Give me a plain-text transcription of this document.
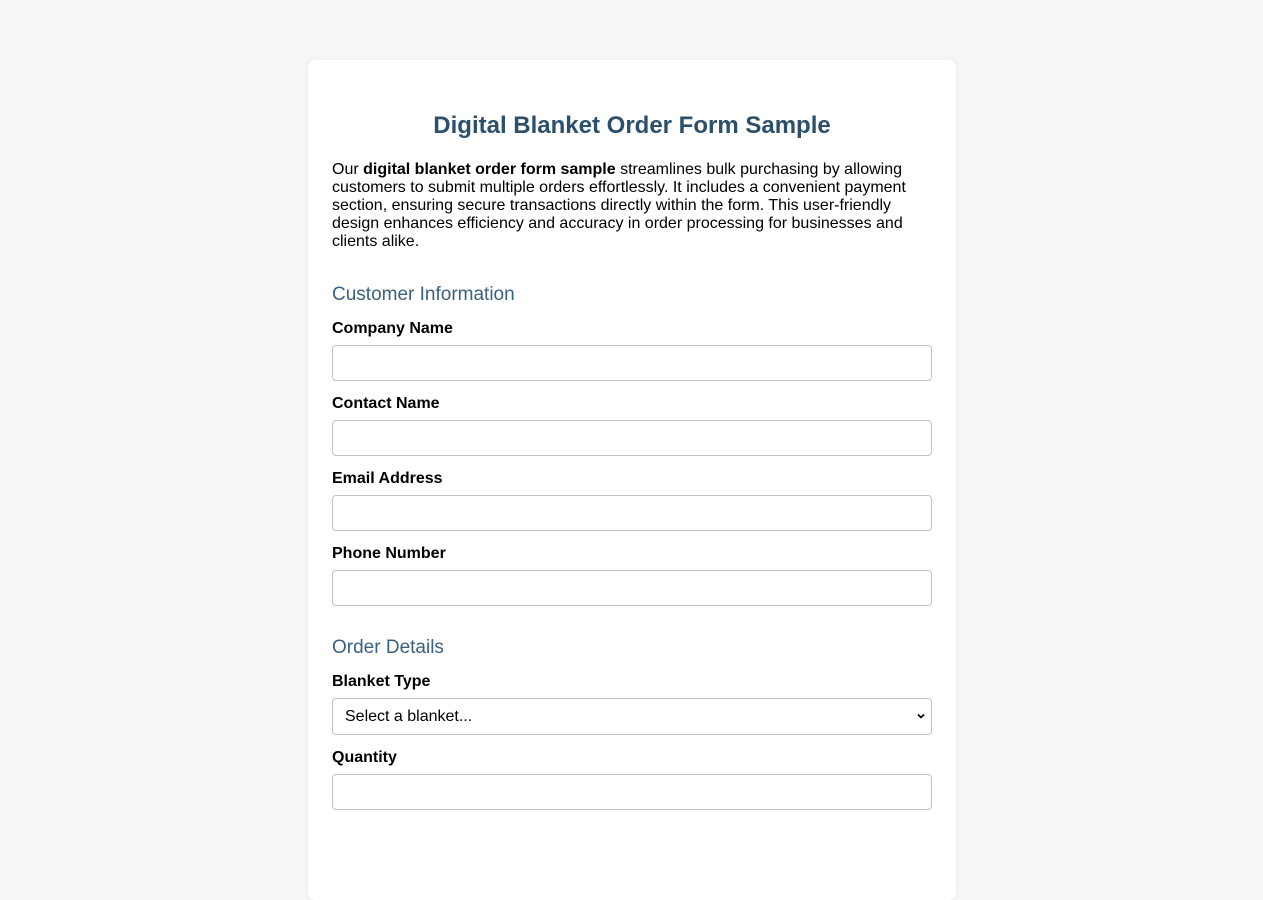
Digital Blanket Order Form Sample

Our digital blanket order form sample streamlines bulk purchasing by allowing customers to submit multiple orders effortlessly. It includes a convenient payment section, ensuring secure transactions directly within the form. This user-friendly design enhances efficiency and accuracy in order processing for businesses and clients alike.

Customer Information
Company Name
Contact Name
Email Address
Phone Number
Order Details
Blanket Type
Select a blanket...
Quantity
